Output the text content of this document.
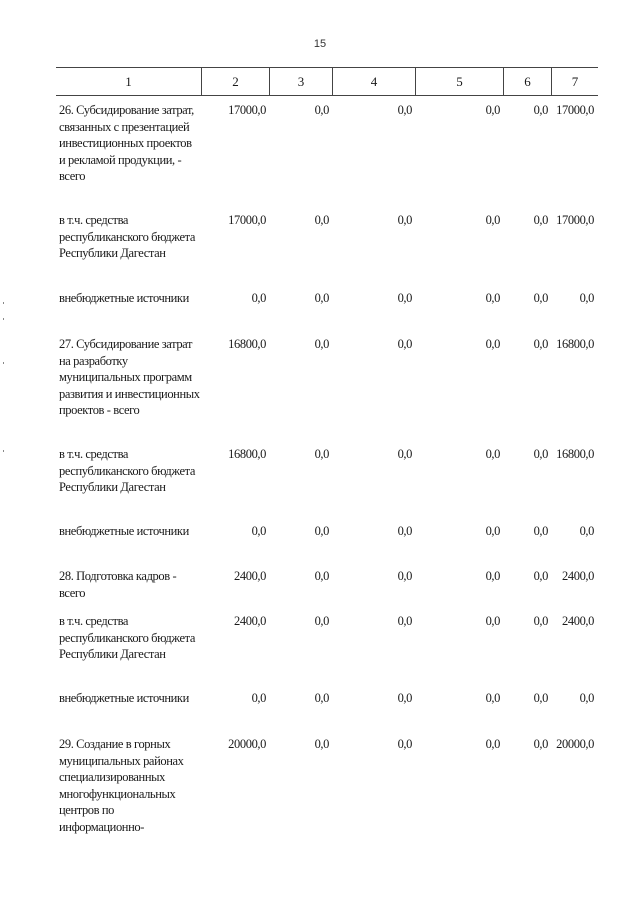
15
1	2	3	4	5	6	7
26. Субсидирование затрат, связанных с презентацией инвестиционных проектов и рекламой продукции, - всего
17000,0	0,0	0,0	0,0	0,0 17000,0
в т.ч. средства республиканского бюджета Республики Дагестан
17000,0	0,0	0,0	0,0	0,0 17000,0
внебюджетные источники	0,0	0,0	0,0	0,0	0,0	0,0
27. Субсидирование затрат на разработку муниципальных программ развития и инвестиционных проектов - всего
16800,0	0,0	0,0	0,0	0,0 16800,0
в т.ч. средства республиканского бюджета Республики Дагестан
16800,0	0,0	0,0	0,0	0,0 16800,0
внебюджетные источники	0,0	0,0	0,0	0,0	0,0	0,0
28. Подготовка кадров - всего
2400,0	0,0	0,0	0,0	0,0	2400,0
в т.ч. средства республиканского бюджета Республики Дагестан
2400,0	0,0	0,0	0,0	0,0	2400,0
внебюджетные источники	0,0	0,0	0,0	0,0	0,0	0,0
29. Создание в горных муниципальных районах специализированных многофункциональных центров по информационно-
20000,0	0,0	0,0	0,0	0,0 20000,0
